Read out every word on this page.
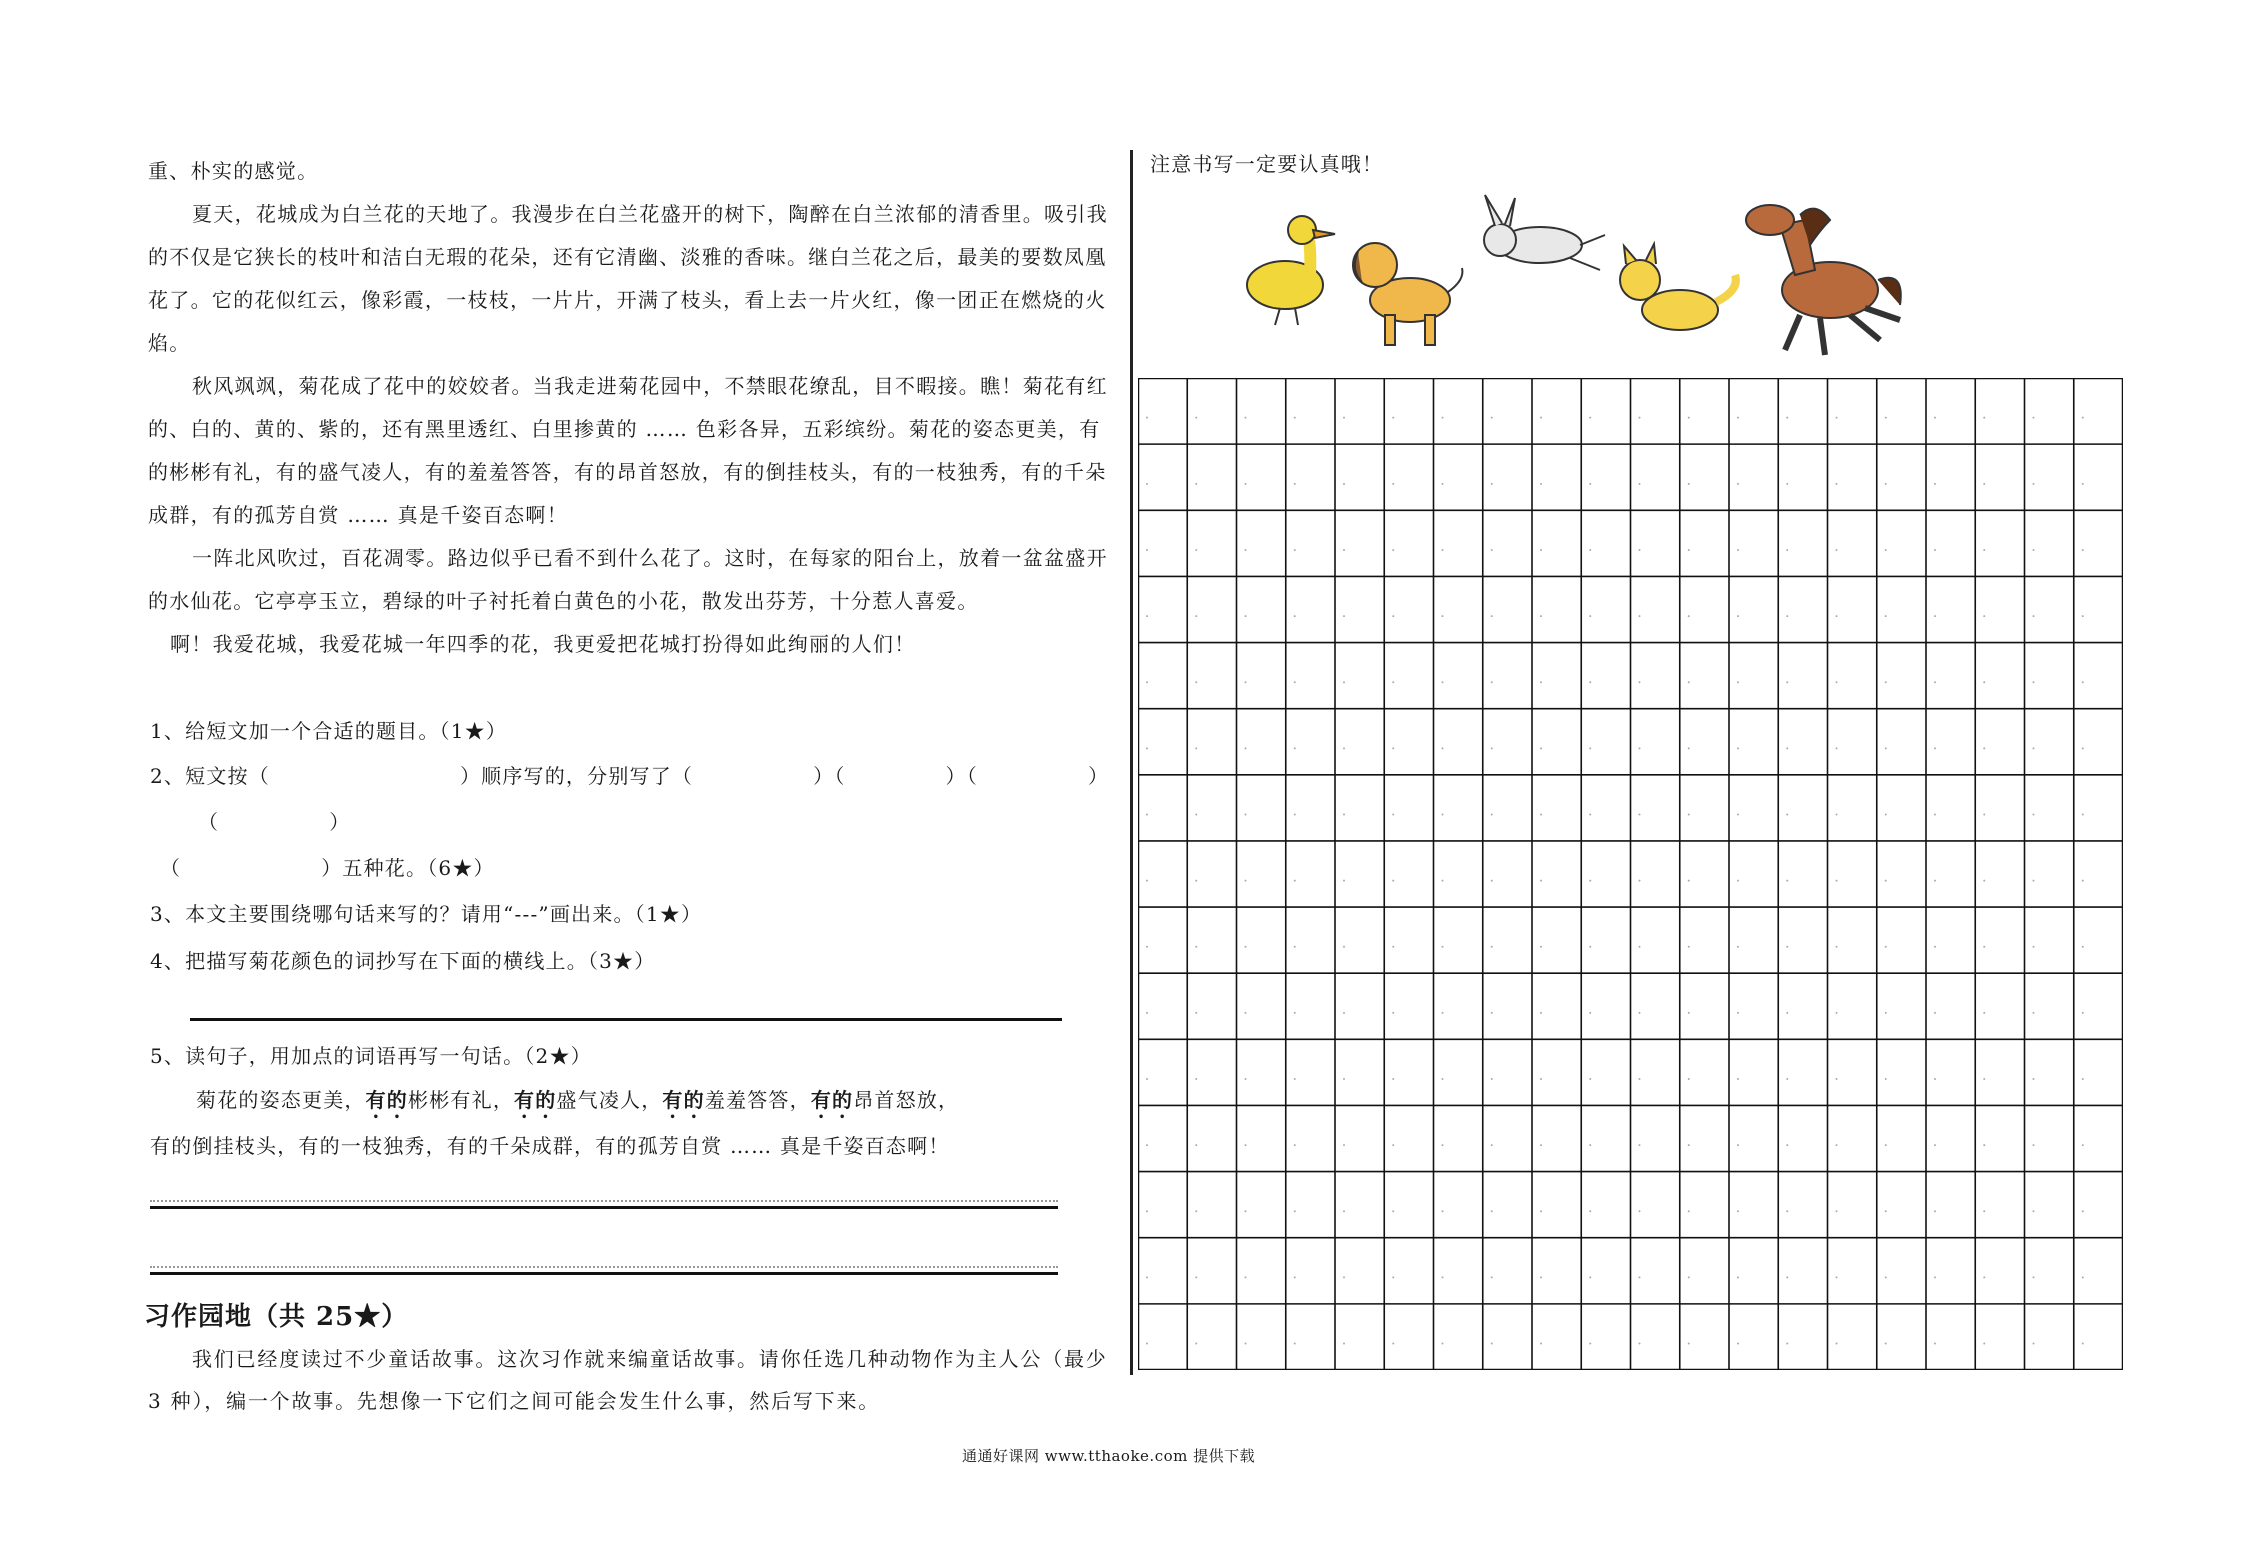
重、朴实的感觉。

夏天，花城成为白兰花的天地了。我漫步在白兰花盛开的树下，陶醉在白兰浓郁的清香里。吸引我的不仅是它狭长的枝叶和洁白无瑕的花朵，还有它清幽、淡雅的香味。继白兰花之后，最美的要数凤凰花了。它的花似红云，像彩霞，一枝枝，一片片，开满了枝头，看上去一片火红，像一团正在燃烧的火焰。

秋风飒飒，菊花成了花中的姣姣者。当我走进菊花园中，不禁眼花缭乱，目不暇接。瞧！菊花有红的、白的、黄的、紫的，还有黑里透红、白里掺黄的 …… 色彩各异，五彩缤纷。菊花的姿态更美，有的彬彬有礼，有的盛气凌人，有的羞羞答答，有的昂首怒放，有的倒挂枝头，有的一枝独秀，有的千朵成群，有的孤芳自赏 …… 真是千姿百态啊！

一阵北风吹过，百花凋零。路边似乎已看不到什么花了。这时，在每家的阳台上，放着一盆盆盛开的水仙花。它亭亭玉立，碧绿的叶子衬托着白黄色的小花，散发出芬芳，十分惹人喜爱。

啊！我爱花城，我爱花城一年四季的花，我更爱把花城打扮得如此绚丽的人们！

1、给短文加一个合适的题目。（1★）
2、短文按（	）顺序写的，分别写了（	）（	）（	）
（	）
（	）五种花。（6★）
3、本文主要围绕哪句话来写的？请用“---”画出来。（1★）
4、把描写菊花颜色的词抄写在下面的横线上。（3★）
5、读句子，用加点的词语再写一句话。（2★）
菊花的姿态更美，有的彬彬有礼，有的盛气凌人，有的羞羞答答，有的昂首怒放，
有的倒挂枝头，有的一枝独秀，有的千朵成群，有的孤芳自赏 …… 真是千姿百态啊！
习作园地（共 25★）

我们已经度读过不少童话故事。这次习作就来编童话故事。请你任选几种动物作为主人公（最少 3 种），编一个故事。先想像一下它们之间可能会发生什么事，然后写下来。

注意书写一定要认真哦！
通通好课网 www.tthaoke.com 提供下载
